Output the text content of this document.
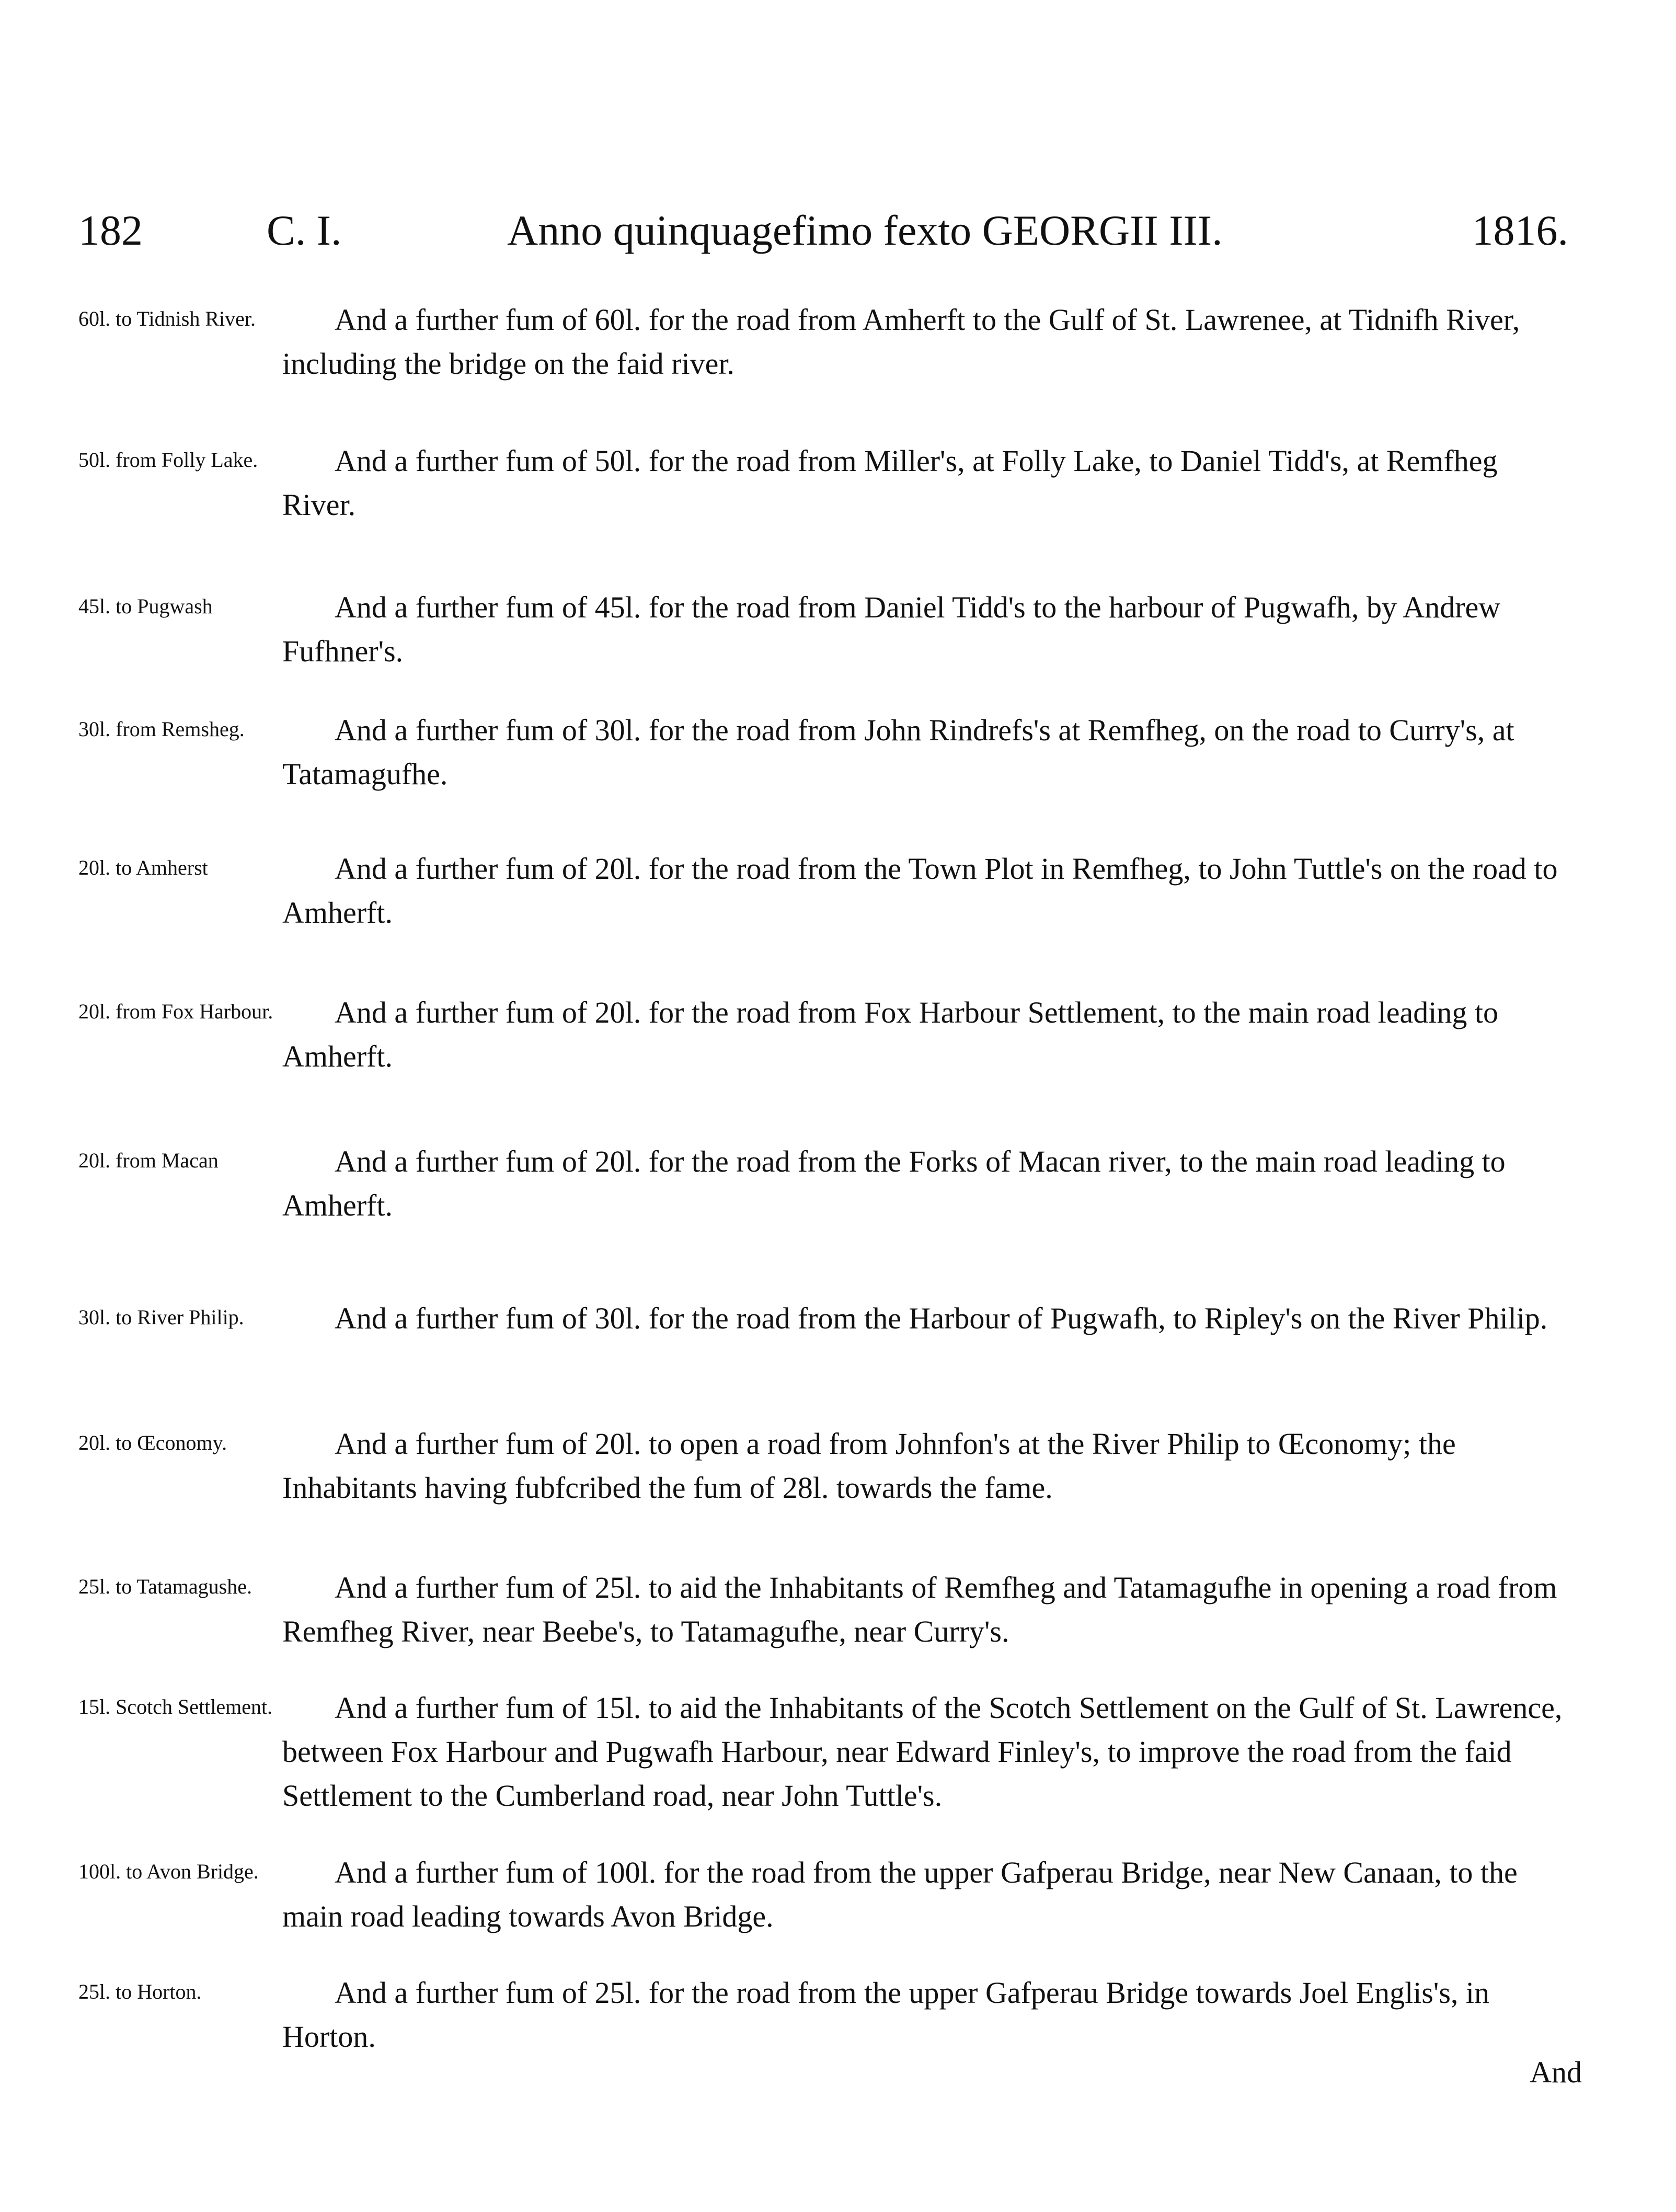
182	C. I.	Anno quinquagefimo fexto GEORGII III.	1816.
60l. to Tidnish River.	And a further fum of 60l. for the road from Amherft to the Gulf of St. Lawrenee, at Tidnifh River, including the bridge on the faid river.
50l. from Folly Lake.	And a further fum of 50l. for the road from Miller's, at Folly Lake, to Daniel Tidd's, at Remfheg River.
45l. to Pugwash	And a further fum of 45l. for the road from Daniel Tidd's to the harbour of Pugwafh, by Andrew Fufhner's.
30l. from Remsheg.	And a further fum of 30l. for the road from John Rindrefs's at Remfheg, on the road to Curry's, at Tatamagufhe.
20l. to Amherst	And a further fum of 20l. for the road from the Town Plot in Remfheg, to John Tuttle's on the road to Amherft.
20l. from Fox Harbour.	And a further fum of 20l. for the road from Fox Harbour Settlement, to the main road leading to Amherft.
20l. from Macan	And a further fum of 20l. for the road from the Forks of Macan river, to the main road leading to Amherft.
30l. to River Philip.	And a further fum of 30l. for the road from the Harbour of Pugwafh, to Ripley's on the River Philip.
20l. to Œconomy.	And a further fum of 20l. to open a road from Johnfon's at the River Philip to Œconomy; the Inhabitants having fubfcribed the fum of 28l. towards the fame.
25l. to Tatamagushe.	And a further fum of 25l. to aid the Inhabitants of Remfheg and Tatamagufhe in opening a road from Remfheg River, near Beebe's, to Tatamagufhe, near Curry's.
15l. Scotch Settlement.	And a further fum of 15l. to aid the Inhabitants of the Scotch Settlement on the Gulf of St. Lawrence, between Fox Harbour and Pugwafh Harbour, near Edward Finley's, to improve the road from the faid Settlement to the Cumberland road, near John Tuttle's.
100l. to Avon Bridge.	And a further fum of 100l. for the road from the upper Gafperau Bridge, near New Canaan, to the main road leading towards Avon Bridge.
25l. to Horton.	And a further fum of 25l. for the road from the upper Gafperau Bridge towards Joel Englis's, in Horton.
And
